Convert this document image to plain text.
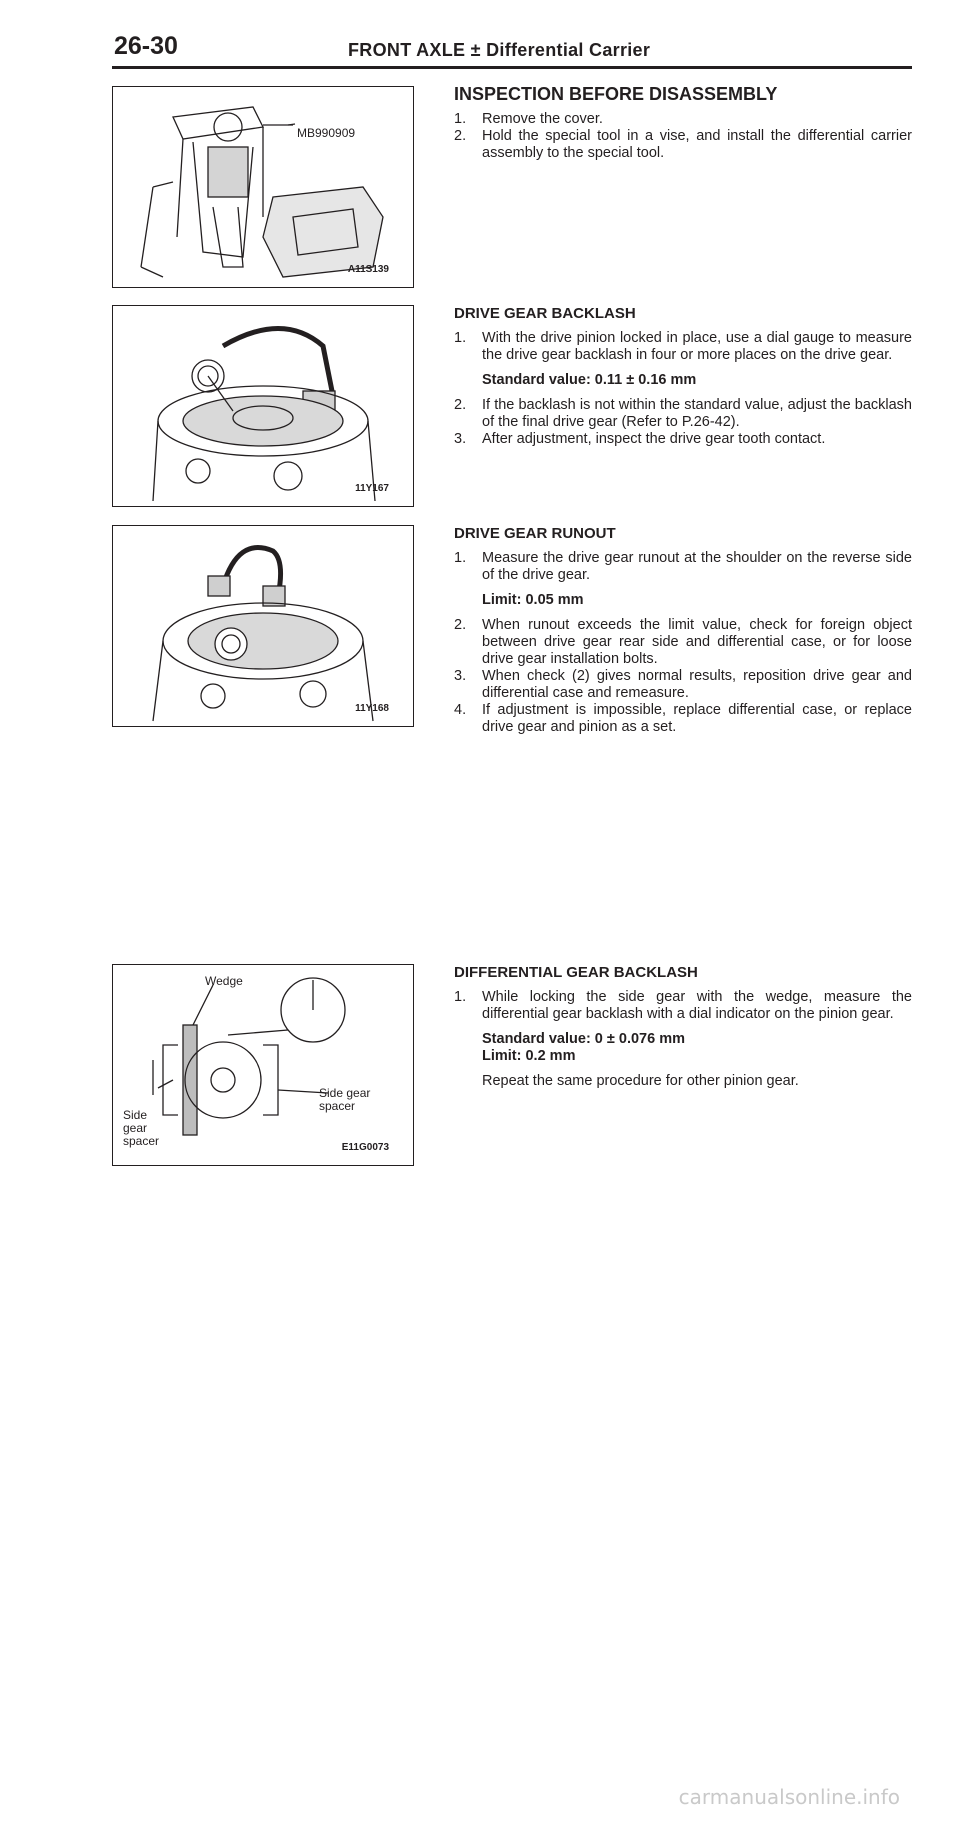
26-30	FRONT AXLE ± Differential Carrier
MB990909
A11S139
11Y167
11Y168
Wedge
Side gear
spacer
Side
gear
spacer	E11G0073
INSPECTION BEFORE DISASSEMBLY
1. Remove the cover.
2. Hold the special tool in a vise, and install the differential carrier assembly to the special tool.
DRIVE GEAR BACKLASH
1. With the drive pinion locked in place, use a dial gauge to measure the drive gear backlash in four or more places on the drive gear.
Standard value: 0.11 ± 0.16 mm
2. If the backlash is not within the standard value, adjust the backlash of the final drive gear (Refer to P.26-42).
3. After adjustment, inspect the drive gear tooth contact.
DRIVE GEAR RUNOUT
1. Measure the drive gear runout at the shoulder on the reverse side of the drive gear.
Limit: 0.05 mm
2. When runout exceeds the limit value, check for foreign object between drive gear rear side and differential case, or for loose drive gear installation bolts.
3. When check (2) gives normal results, reposition drive gear and differential case and remeasure.
4. If adjustment is impossible, replace differential case, or replace drive gear and pinion as a set.
DIFFERENTIAL GEAR BACKLASH
1. While locking the side gear with the wedge, measure the differential gear backlash with a dial indicator on the pinion gear.
Standard value: 0 ± 0.076 mm
Limit: 0.2 mm
Repeat the same procedure for other pinion gear.
carmanualsonline.info
